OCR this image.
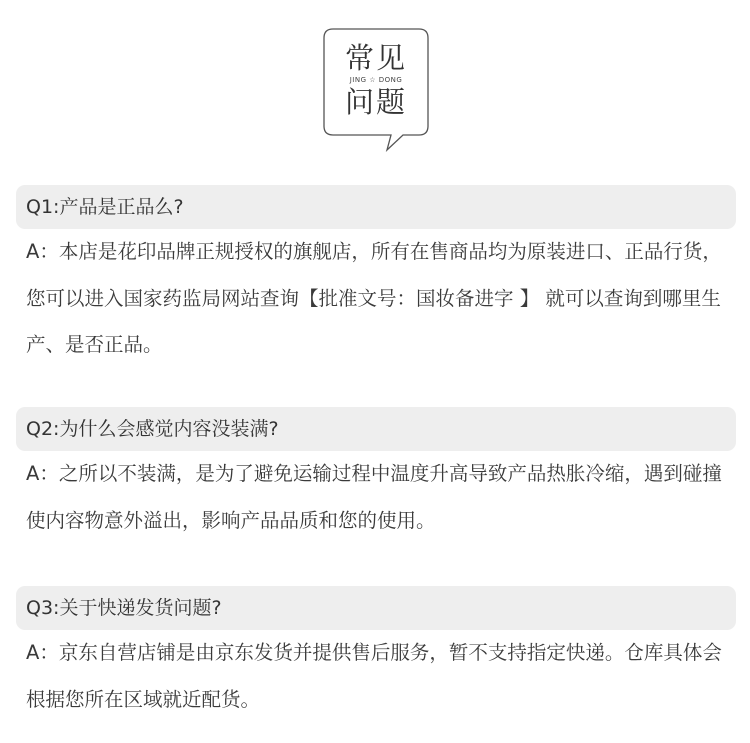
常见
JING ☆ DONG
问题
Q1:产品是正品么?
A：本店是花印品牌正规授权的旗舰店，所有在售商品均为原装进口、正品行货，您可以进入国家药监局网站查询【批准文号：国妆备进字 】 就可以查询到哪里生产、是否正品。
Q2:为什么会感觉内容没装满?
A：之所以不装满，是为了避免运输过程中温度升高导致产品热胀冷缩，遇到碰撞使内容物意外溢出，影响产品品质和您的使用。
Q3:关于快递发货问题?
A：京东自营店铺是由京东发货并提供售后服务，暂不支持指定快递。仓库具体会根据您所在区域就近配货。
